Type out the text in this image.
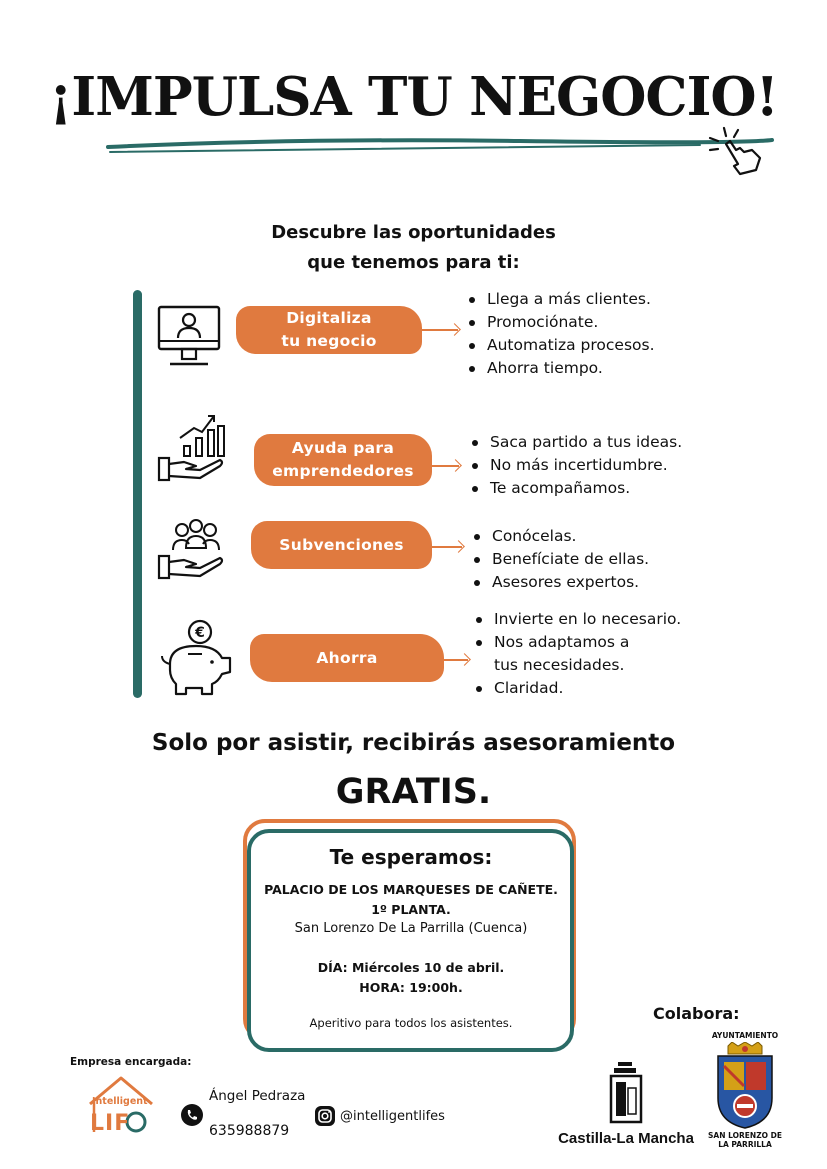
¡IMPULSA TU NEGOCIO!
Descubre las oportunidades
que tenemos para ti:
Digitaliza
tu negocio
Llega a más clientes.
Promociónate.
Automatiza procesos.
Ahorra tiempo.
Ayuda para
emprendedores
Saca partido a tus ideas.
No más incertidumbre.
Te acompañamos.
Subvenciones	Conócelas.
Benefíciate de ellas.
Asesores expertos.
€
Ahorra
Invierte en lo necesario.
Nos adaptamos a
tus necesidades.
Claridad.
Solo por asistir, recibirás asesoramiento
GRATIS.
Te esperamos:
PALACIO DE LOS MARQUESES DE CAÑETE.
1º PLANTA.
San Lorenzo De La Parrilla (Cuenca)
DÍA: Miércoles 10 de abril.
HORA: 19:00h.
Aperitivo para todos los asistentes.
Empresa encargada:
Intelligent
LIF
Ángel Pedraza
635988879
@intelligentlifes
Colabora:
Castilla-La Mancha
AYUNTAMIENTO
SAN LORENZO DE
LA PARRILLA
